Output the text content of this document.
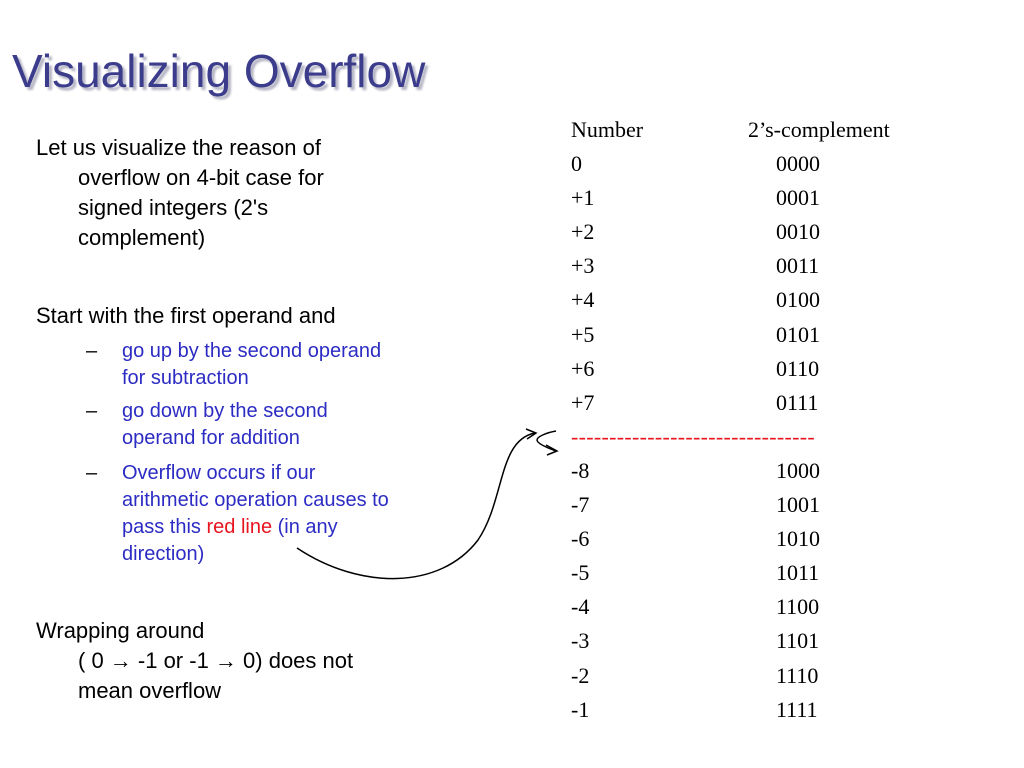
Visualizing Overflow
Let us visualize the reason of
overflow on 4-bit case for
signed integers (2's
complement)
Start with the first operand and
–	go up by the second operand
for subtraction
–	go down by the second
operand for addition
–	Overflow occurs if our
arithmetic operation causes to
pass this red line (in any
direction)
Wrapping around
( 0 → -1 or -1 → 0) does not
mean overflow
Number	2’s-complement
0	0000
+1	0001
+2	0010
+3	0011
+4	0100
+5	0101
+6	0110
+7	0111
--------------------------------
-8	1000
-7	1001
-6	1010
-5	1011
-4	1100
-3	1101
-2	1110
-1	1111
